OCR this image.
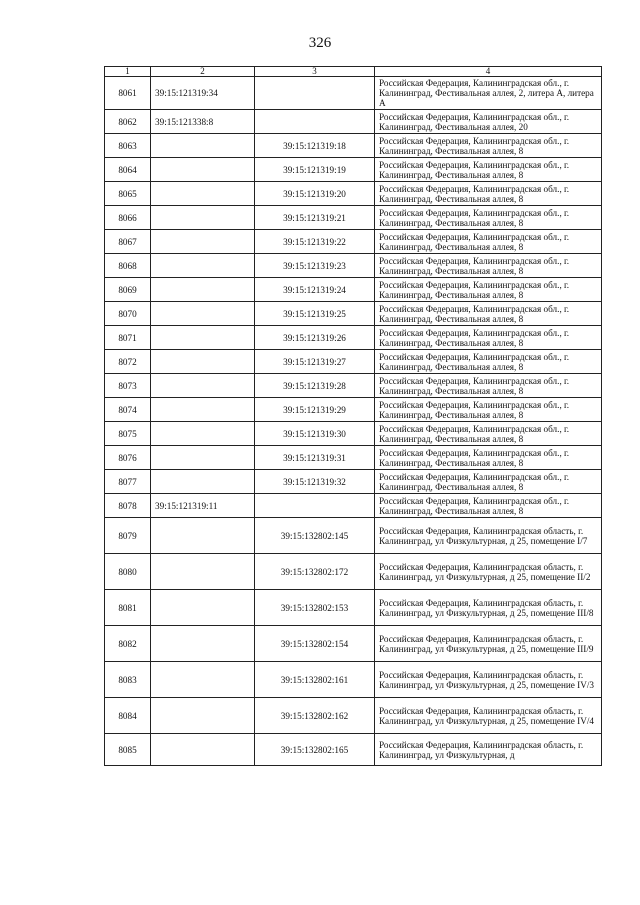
326
1	2	3	4
8061	39:15:121319:34		Российская Федерация, Калининградская обл., г. Калининград, Фестивальная аллея, 2, литера А, литера А
8062	39:15:121338:8		Российская Федерация, Калининградская обл., г. Калининград, Фестивальная аллея, 20
8063		39:15:121319:18	Российская Федерация, Калининградская обл., г. Калининград, Фестивальная аллея, 8
8064		39:15:121319:19	Российская Федерация, Калининградская обл., г. Калининград, Фестивальная аллея, 8
8065		39:15:121319:20	Российская Федерация, Калининградская обл., г. Калининград, Фестивальная аллея, 8
8066		39:15:121319:21	Российская Федерация, Калининградская обл., г. Калининград, Фестивальная аллея, 8
8067		39:15:121319:22	Российская Федерация, Калининградская обл., г. Калининград, Фестивальная аллея, 8
8068		39:15:121319:23	Российская Федерация, Калининградская обл., г. Калининград, Фестивальная аллея, 8
8069		39:15:121319:24	Российская Федерация, Калининградская обл., г. Калининград, Фестивальная аллея, 8
8070		39:15:121319:25	Российская Федерация, Калининградская обл., г. Калининград, Фестивальная аллея, 8
8071		39:15:121319:26	Российская Федерация, Калининградская обл., г. Калининград, Фестивальная аллея, 8
8072		39:15:121319:27	Российская Федерация, Калининградская обл., г. Калининград, Фестивальная аллея, 8
8073		39:15:121319:28	Российская Федерация, Калининградская обл., г. Калининград, Фестивальная аллея, 8
8074		39:15:121319:29	Российская Федерация, Калининградская обл., г. Калининград, Фестивальная аллея, 8
8075		39:15:121319:30	Российская Федерация, Калининградская обл., г. Калининград, Фестивальная аллея, 8
8076		39:15:121319:31	Российская Федерация, Калининградская обл., г. Калининград, Фестивальная аллея, 8
8077		39:15:121319:32	Российская Федерация, Калининградская обл., г. Калининград, Фестивальная аллея, 8
8078	39:15:121319:11		Российская Федерация, Калининградская обл., г. Калининград, Фестивальная аллея, 8
8079		39:15:132802:145	Российская Федерация, Калининградская область, г. Калининград, ул Физкультурная, д 25, помещение I/7
8080		39:15:132802:172	Российская Федерация, Калининградская область, г. Калининград, ул Физкультурная, д 25, помещение II/2
8081		39:15:132802:153	Российская Федерация, Калининградская область, г. Калининград, ул Физкультурная, д 25, помещение III/8
8082		39:15:132802:154	Российская Федерация, Калининградская область, г. Калининград, ул Физкультурная, д 25, помещение III/9
8083		39:15:132802:161	Российская Федерация, Калининградская область, г. Калининград, ул Физкультурная, д 25, помещение IV/3
8084		39:15:132802:162	Российская Федерация, Калининградская область, г. Калининград, ул Физкультурная, д 25, помещение IV/4
8085		39:15:132802:165	Российская Федерация, Калининградская область, г. Калининград, ул Физкультурная, д
